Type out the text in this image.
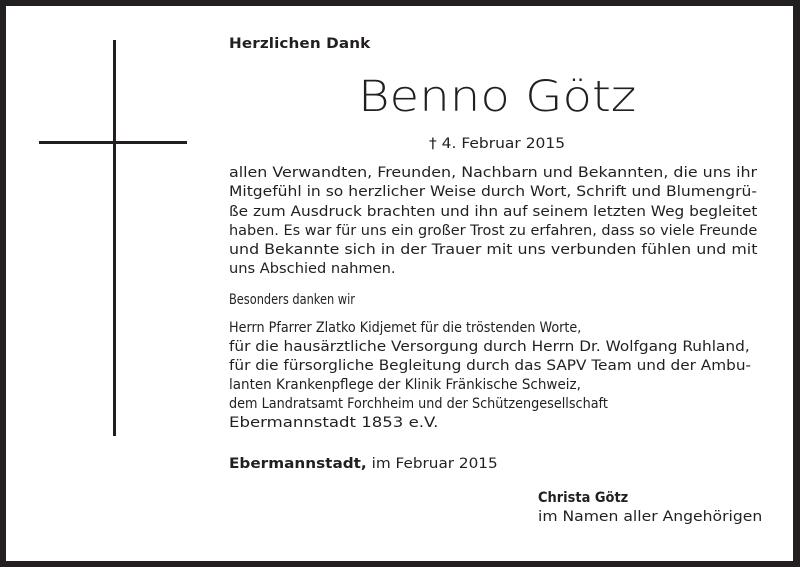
Herzlichen Dank
Benno Götz
† 4. Februar 2015
allen Verwandten, Freunden, Nachbarn und Bekannten, die uns ihr
Mitgefühl in so herzlicher Weise durch Wort, Schrift und Blumengrü-
ße zum Ausdruck brachten und ihn auf seinem letzten Weg begleitet
haben. Es war für uns ein großer Trost zu erfahren, dass so viele Freunde
und Bekannte sich in der Trauer mit uns verbunden fühlen und mit
uns Abschied nahmen.
Besonders danken wir
Herrn Pfarrer Zlatko Kidjemet für die tröstenden Worte,
für die hausärztliche Versorgung durch Herrn Dr. Wolfgang Ruhland,
für die fürsorgliche Begleitung durch das SAPV Team und der Ambu-
lanten Krankenpflege der Klinik Fränkische Schweiz,
dem Landratsamt Forchheim und der Schützengesellschaft
Ebermannstadt 1853 e.V.
Ebermannstadt, im Februar 2015
Christa Götz
im Namen aller Angehörigen
